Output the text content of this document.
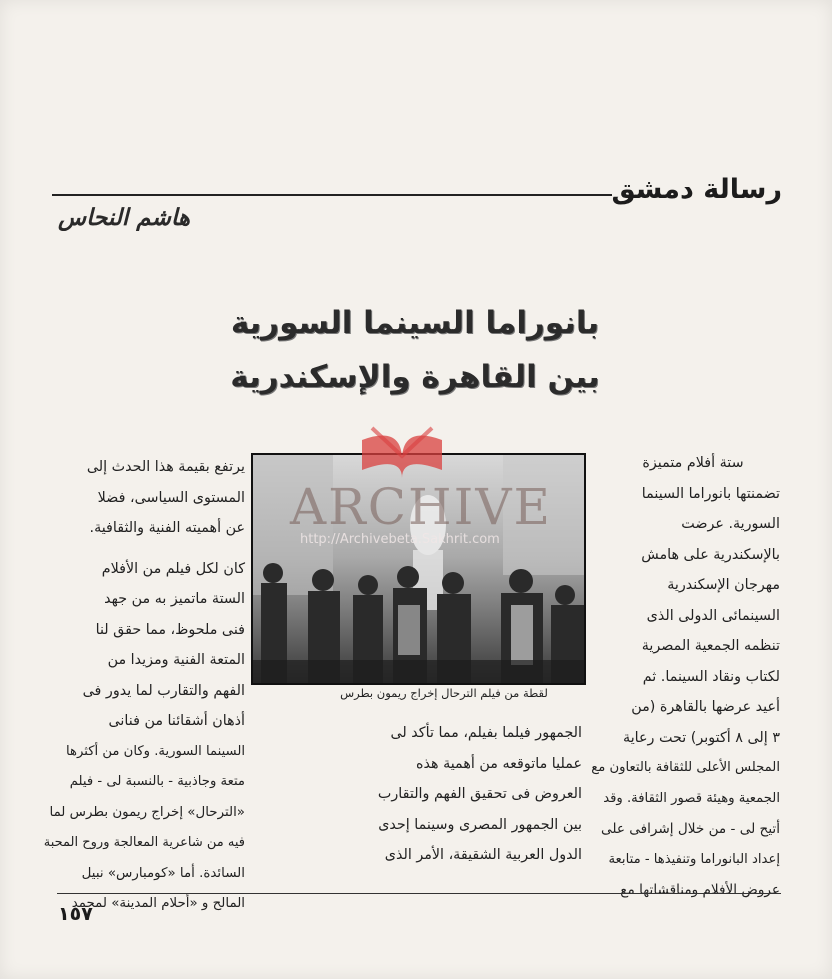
رسالة دمشق
هاشم النحاس
بانوراما السينما السورية
بين القاهرة والإسكندرية

ستة أفلام متميزة

تضمنتها بانوراما السينما

السورية. عرضت

بالإسكندرية على هامش

مهرجان الإسكندرية

السينمائى الدولى الذى

تنظمه الجمعية المصرية

لكتاب ونقاد السينما. ثم

أعيد عرضها بالقاهرة (من

٣ إلى ٨ أكتوبر) تحت رعاية

المجلس الأعلى للثقافة بالتعاون مع

الجمعية وهيئة قصور الثقافة. وقد

أتيح لى - من خلال إشرافى على

إعداد البانوراما وتنفيذها - متابعة

عروض الأفلام ومناقشاتها مع

لقطة من فيلم الترحال إخراج ريمون بطرس

الجمهور فيلما بفيلم، مما تأكد لى

عمليا ماتوقعه من أهمية هذه

العروض فى تحقيق الفهم والتقارب

بين الجمهور المصرى وسينما إحدى

الدول العربية الشقيقة، الأمر الذى

يرتفع بقيمة هذا الحدث إلى

المستوى السياسى، فضلا

عن أهميته الفنية والثقافية.

كان لكل فيلم من الأفلام

الستة ماتميز به من جهد

فنى ملحوظ، مما حقق لنا

المتعة الفنية ومزيدا من

الفهم والتقارب لما يدور فى

أذهان أشقائنا من فنانى

السينما السورية. وكان من أكثرها

متعة وجاذبية - بالنسبة لى - فيلم

«الترحال» إخراج ريمون بطرس لما

فيه من شاعرية المعالجة وروح المحبة

السائدة. أما «كومبارس» نبيل

المالح و «أحلام المدينة» لمحمد

ARCHIVE
http://Archivebeta.Sakhrit.com
١٥٧
